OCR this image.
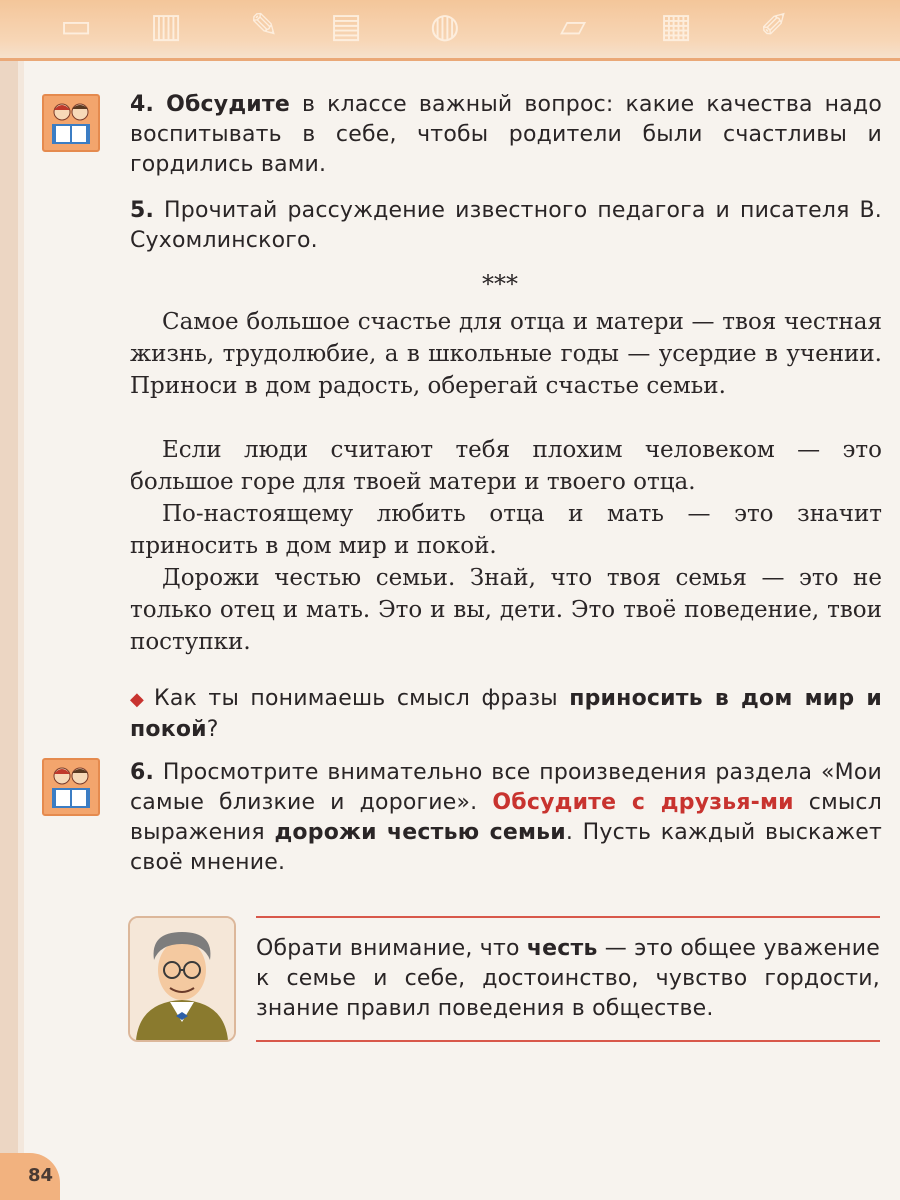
▭ ▥ ✎ ▤ ◍	▱ ▦ ✐
4. Обсудите в классе важный вопрос: какие качества надо воспитывать в себе, чтобы родители были счастливы и гордились вами.
5. Прочитай рассуждение известного педагога и писателя В. Сухомлинского.
***
Самое большое счастье для отца и матери — твоя честная жизнь, трудолюбие, а в школьные годы — усердие в учении. Приноси в дом радость, оберегай счастье семьи.
Если люди считают тебя плохим человеком — это большое горе для твоей матери и твоего отца.
По-настоящему любить отца и мать — это значит приносить в дом мир и покой.
Дорожи честью семьи. Знай, что твоя семья — это не только отец и мать. Это и вы, дети. Это твоё поведение, твои поступки.
◆ Как ты понимаешь смысл фразы приносить в дом мир и покой?
6. Просмотрите внимательно все произведения раздела «Мои самые близкие и дорогие». Обсудите с друзья-ми смысл выражения дорожи честью семьи. Пусть каждый выскажет своё мнение.
Обрати внимание, что честь — это общее уважение к семье и себе, достоинство, чувство гордости, знание правил поведения в обществе.
84
